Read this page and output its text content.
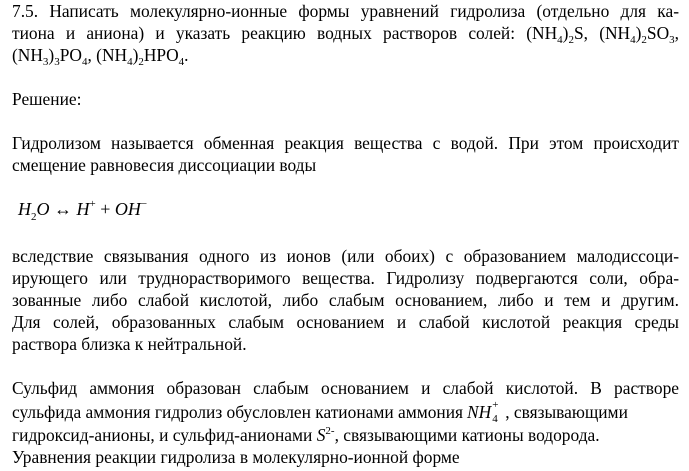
7.5. Написать молекулярно-ионные формы уравнений гидролиза (отдельно для ка-

тиона и аниона) и указать реакцию водных растворов солей: $(NH_4)_2S$, $(NH_4)_2SO_3$,

$(NH_3)_3PO_4$, $(NH_4)_2HPO_4$.

Решение:

Гидролизом называется обменная реакция вещества с водой. При этом происходит

смещение равновесия диссоциации воды

$H_2O$ ↔ H+ + OH−

вследствие связывания одного из ионов (или обоих) с образованием малодиссоци-

ирующего или труднорастворимого вещества. Гидролизу подвергаются соли, обра-

зованные либо слабой кислотой, либо слабым основанием, либо и тем и другим.

Для солей, образованных слабым основанием и слабой кислотой реакция среды

раствора близка к нейтральной.

Сульфид аммония образован слабым основанием и слабой кислотой. В растворе

сульфида аммония гидролиз обусловлен катионами аммония NH +
4 , связывающими

гидроксид-анионы, и сульфид-анионами $S^{2-}$, связывающими катионы водорода.

Уравнения реакции гидролиза в молекулярно-ионной форме
